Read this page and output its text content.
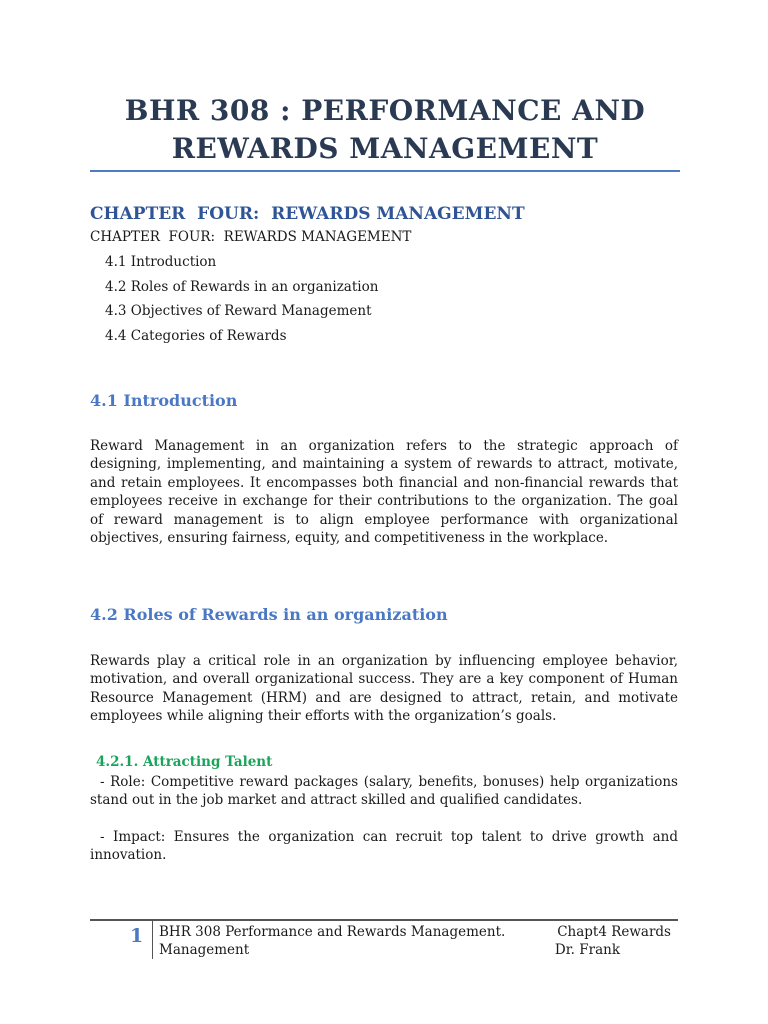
BHR 308 : PERFORMANCE AND
REWARDS MANAGEMENT
CHAPTER  FOUR:  REWARDS MANAGEMENT
CHAPTER  FOUR:  REWARDS MANAGEMENT
4.1 Introduction
4.2 Roles of Rewards in an organization
4.3 Objectives of Reward Management
4.4 Categories of Rewards
4.1 Introduction

Reward Management in an organization refers to the strategic approach of designing, implementing, and maintaining a system of rewards to attract, motivate, and retain employees. It encompasses both financial and non-financial rewards that employees receive in exchange for their contributions to the organization. The goal of reward management is to align employee performance with organizational objectives, ensuring fairness, equity, and competitiveness in the workplace.

4.2 Roles of Rewards in an organization

Rewards play a critical role in an organization by influencing employee behavior, motivation, and overall organizational success. They are a key component of Human Resource Management (HRM) and are designed to attract, retain, and motivate employees while aligning their efforts with the organization’s goals.

4.2.1. Attracting Talent

- Role: Competitive reward packages (salary, benefits, bonuses) help organizations stand out in the job market and attract skilled and qualified candidates.

- Impact: Ensures the organization can recruit top talent to drive growth and innovation.

1 BHR 308 Performance and Rewards Management.	Chapt4 Rewards
Management	Dr. Frank
